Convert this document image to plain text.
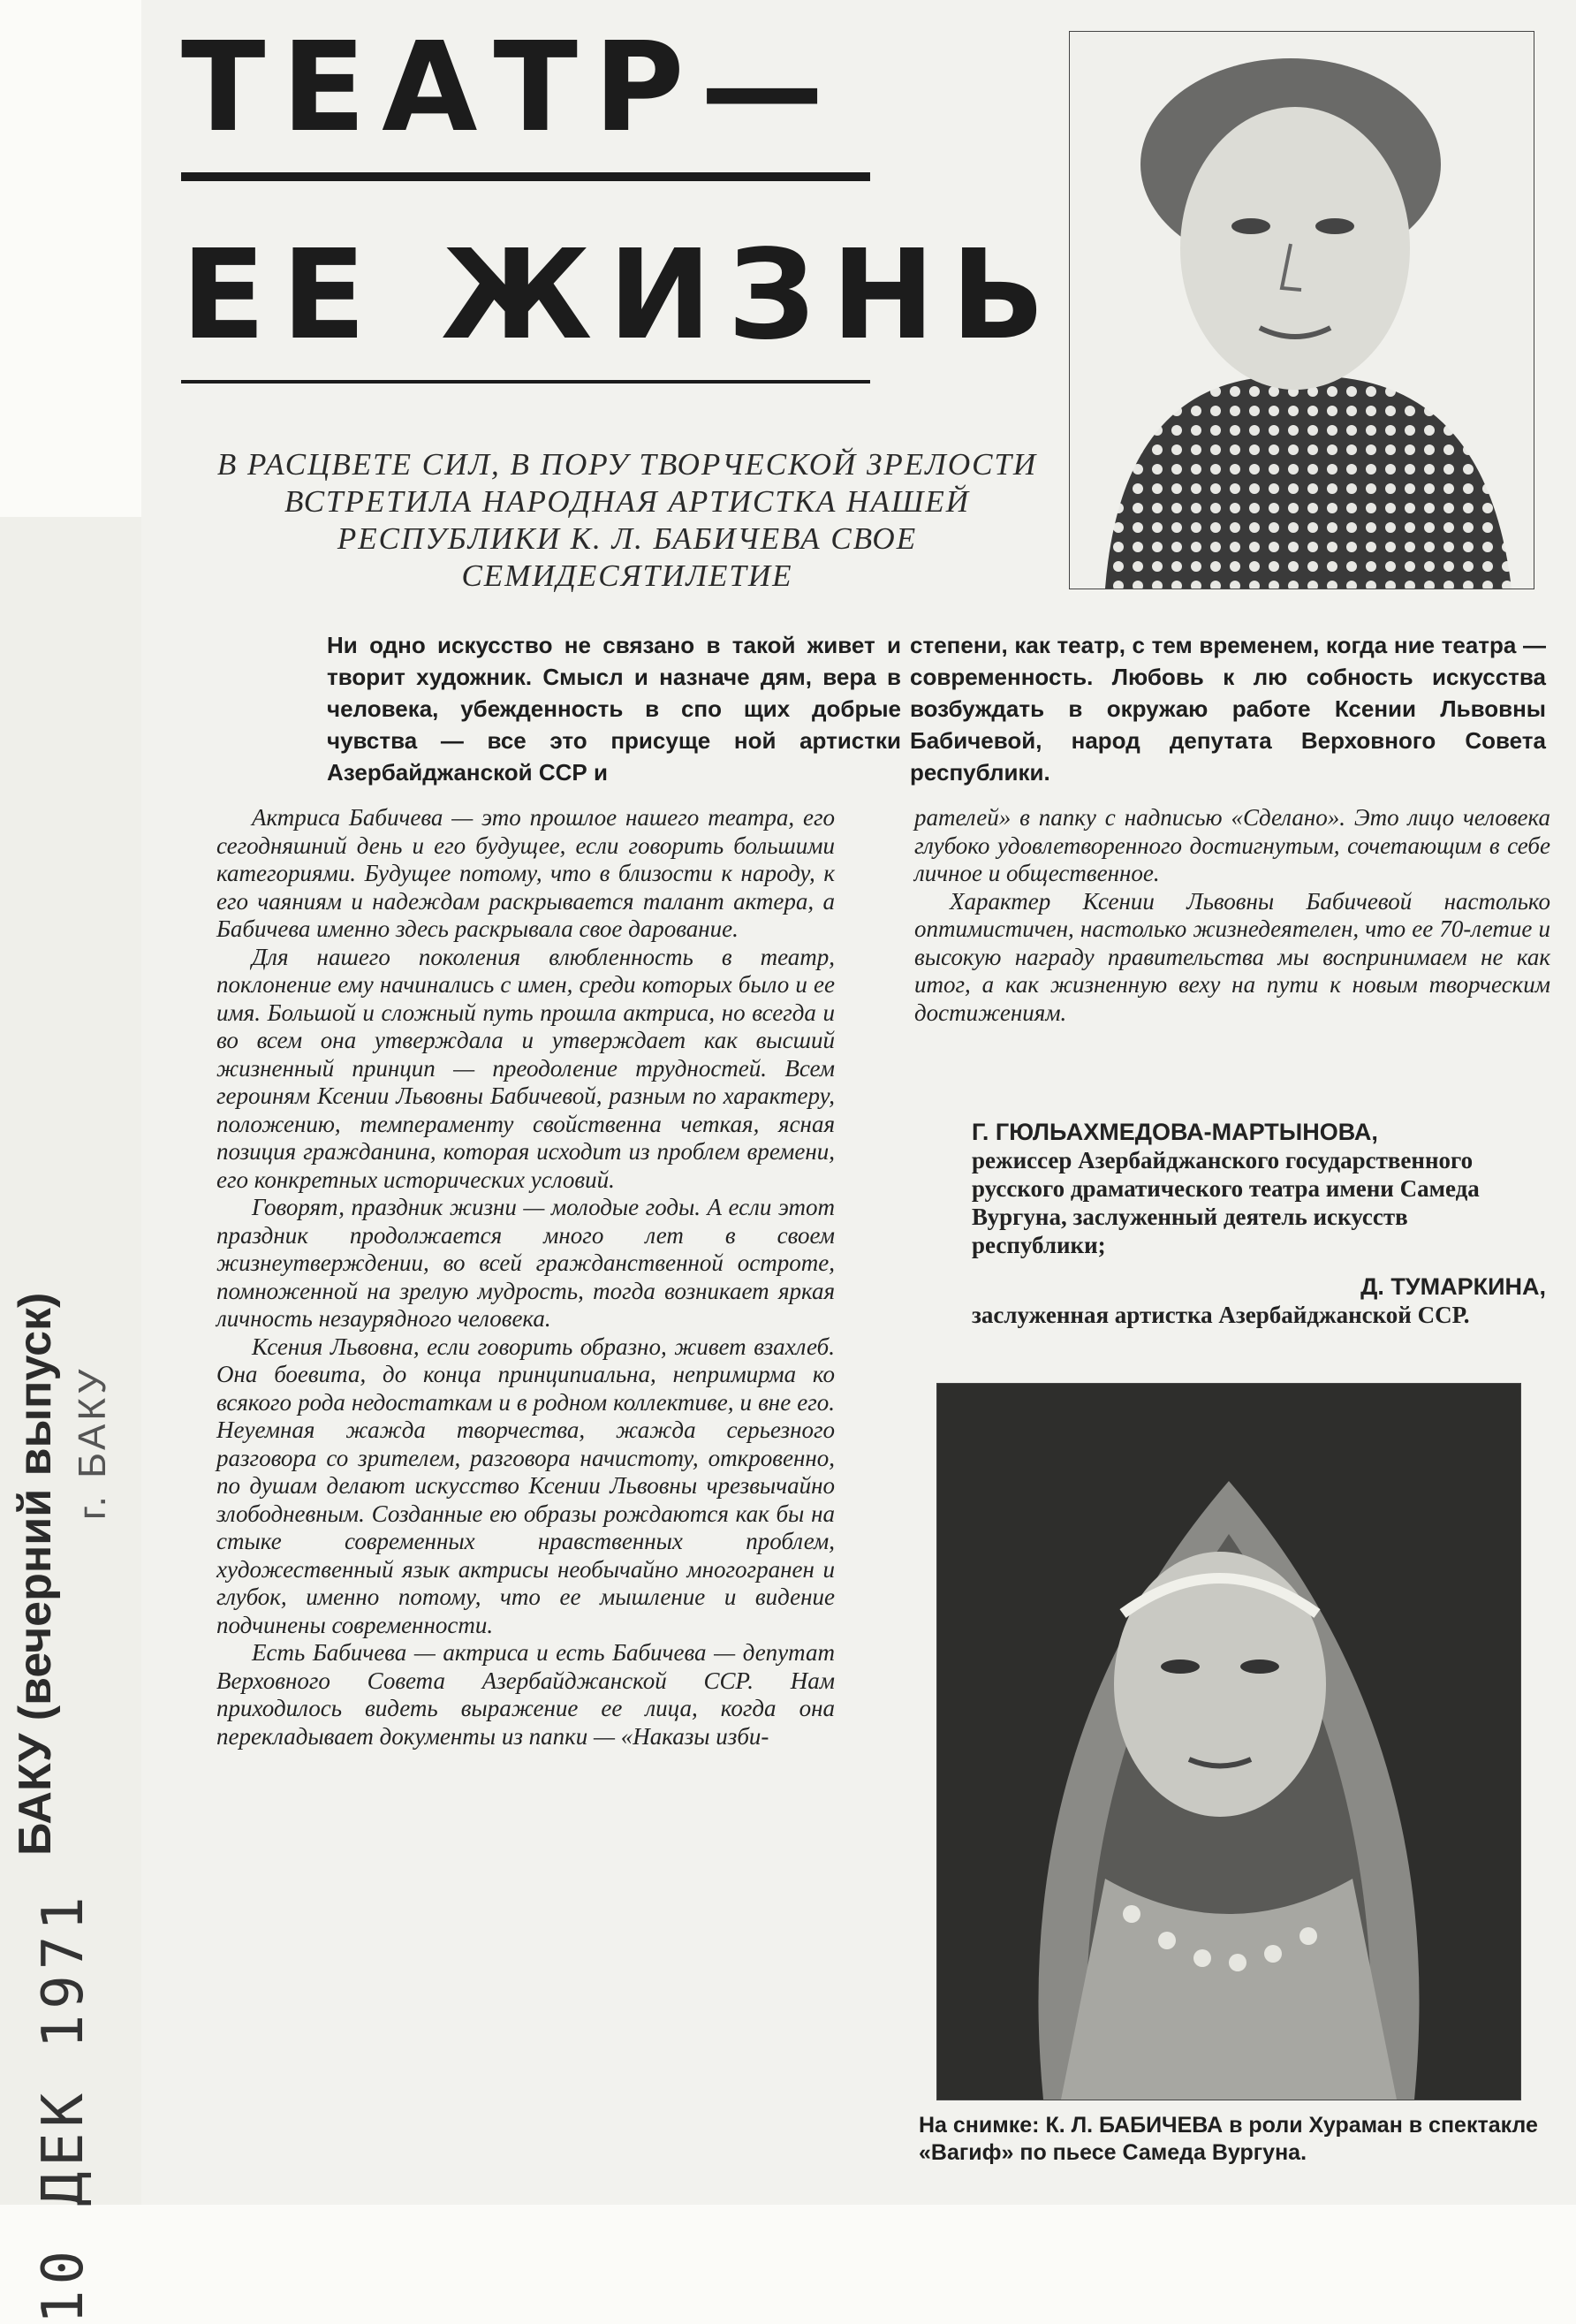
БАКУ (вечерний выпуск) г. БАКУ
10 ДЕК 1971
ТЕАТР—
ЕЕ ЖИЗНЬ
В РАСЦВЕТЕ СИЛ, В ПОРУ ТВОРЧЕСКОЙ ЗРЕЛОСТИ ВСТРЕТИЛА НАРОДНАЯ АРТИСТКА НАШЕЙ РЕСПУБЛИКИ К. Л. БАБИЧЕВА СВОЕ СЕМИДЕСЯТИЛЕТИЕ
Ни одно искусство не связано в такой живет и творит художник. Смысл и назначе дям, вера в человека, убежденность в спо щих добрые чувства — все это присуще ной артистки Азербайджанской ССР и
степени, как театр, с тем временем, когда ние театра — современность. Любовь к лю собность искусства возбуждать в окружаю работе Ксении Львовны Бабичевой, народ депутата Верховного Совета республики.

Актриса Бабичева — это прошлое нашего театра, его сегодняшний день и его будущее, если говорить большими категориями. Будущее потому, что в близости к народу, к его чаяниям и надеждам раскрывается талант актера, а Бабичева именно здесь раскрывала свое дарование.

Для нашего поколения влюбленность в театр, поклонение ему начинались с имен, среди которых было и ее имя. Большой и сложный путь прошла актриса, но всегда и во всем она утверждала и утверждает как высший жизненный принцип — преодоление трудностей. Всем героиням Ксении Львовны Бабичевой, разным по характеру, положению, темпераменту свойственна четкая, ясная позиция гражданина, которая исходит из проблем времени, его конкретных исторических условий.

Говорят, праздник жизни — молодые годы. А если этот праздник продолжается много лет в своем жизнеутверждении, во всей гражданственной остроте, помноженной на зрелую мудрость, тогда возникает яркая личность незаурядного человека.

Ксения Львовна, если говорить образно, живет взахлеб. Она боевита, до конца принципиальна, непримирма ко всякого рода недостаткам и в родном коллективе, и вне его. Неуемная жажда творчества, жажда серьезного разговора со зрителем, разговора начистоту, откровенно, по душам делают искусство Ксении Львовны чрезвычайно злободневным. Созданные ею образы рождаются как бы на стыке современных нравственных проблем, художественный язык актрисы необычайно многогранен и глубок, именно потому, что ее мышление и видение подчинены современности.

Есть Бабичева — актриса и есть Бабичева — депутат Верховного Совета Азербайджанской ССР. Нам приходилось видеть выражение ее лица, когда она перекладывает документы из папки — «Наказы изби-

рателей» в папку с надписью «Сделано». Это лицо человека глубоко удовлетворенного достигнутым, сочетающим в себе личное и общественное.

Характер Ксении Львовны Бабичевой настолько оптимистичен, настолько жизнедеятелен, что ее 70-летие и высокую награду правительства мы воспринимаем не как итог, а как жизненную веху на пути к новым творческим достижениям.

Г. ГЮЛЬАХМЕДОВА-МАРТЫНОВА,
режиссер Азербайджанского государственного русского драматического театра имени Самеда Вургуна, заслуженный деятель искусств республики;
Д. ТУМАРКИНА,
заслуженная артистка Азербайджанской ССР.
На снимке: К. Л. БАБИЧЕВА в роли Хураман в спектакле «Вагиф» по пьесе Самеда Вургуна.
